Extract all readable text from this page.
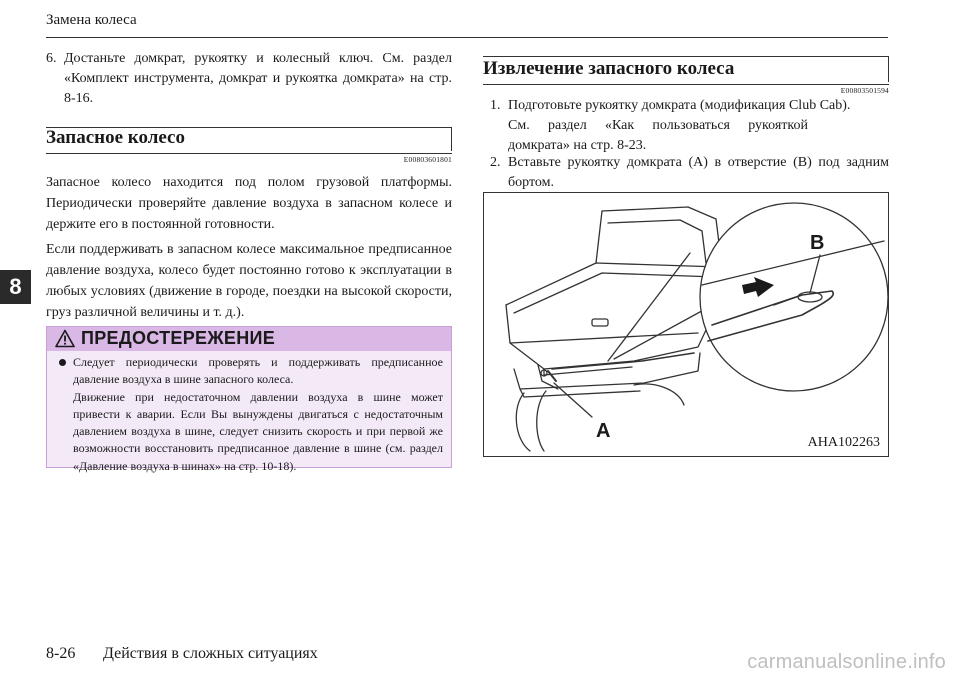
Замена колеса
8
6. Достаньте домкрат, рукоятку и колесный ключ. См. раздел «Комплект инструмента, домкрат и рукоятка домкрата» на стр. 8-16.
Запасное колесо
E00803601801
Запасное колесо находится под полом грузовой платформы. Периодически проверяйте давление воздуха в запасном колесе и держите его в постоянной готовности.
Если поддерживать в запасном колесе максимальное предписанное давление воздуха, колесо будет постоянно готово к эксплуатации в любых условиях (движение в городе, поездки на высокой скорости, груз различной величины и т. д.).
ПРЕДОСТЕРЕЖЕНИЕ
Следует периодически проверять и поддерживать предписанное давление воздуха в шине запасного колеса.
Движение при недостаточном давлении воздуха в шине может привести к аварии. Если Вы вынуждены двигаться с недостаточным давлением воздуха в шине, следует снизить скорость и при первой же возможности восстановить предписанное давление в шине (см. раздел «Давление воздуха в шинах» на стр. 10-18).
Извлечение запасного колеса
E00803501594
1. Подготовьте рукоятку домкрата (модификация Club Cab).
См. раздел «Как пользоваться рукояткой домкрата» на стр. 8-23.
2. Вставьте рукоятку домкрата (A) в отверстие (B) под задним бортом.
B
A
AHA102263
8-26 Действия в сложных ситуациях	carmanualsonline.info
